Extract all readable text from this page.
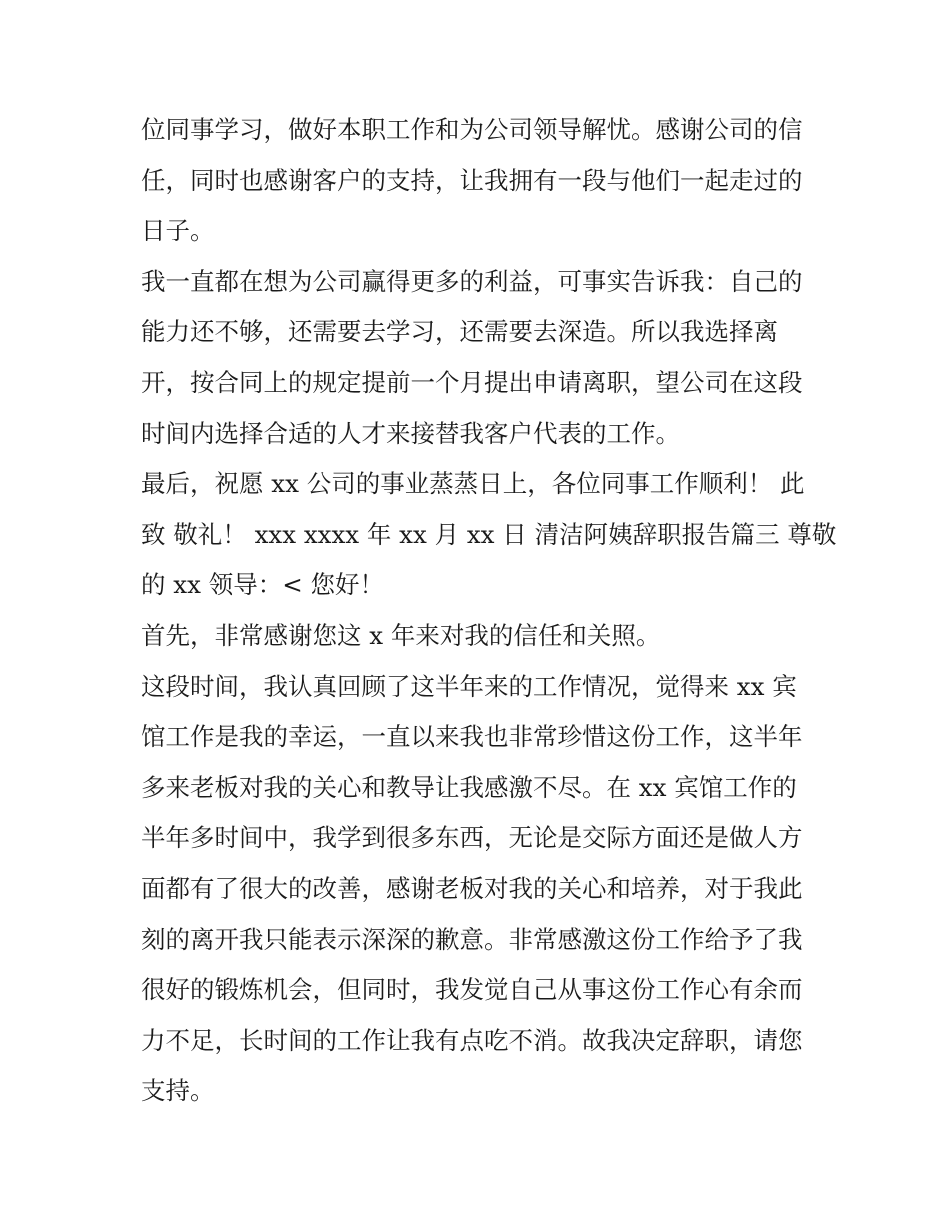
位同事学习，做好本职工作和为公司领导解忧。感谢公司的信
任，同时也感谢客户的支持，让我拥有一段与他们一起走过的
日子。

我一直都在想为公司赢得更多的利益，可事实告诉我：自己的
能力还不够，还需要去学习，还需要去深造。所以我选择离
开，按合同上的规定提前一个月提出申请离职，望公司在这段
时间内选择合适的人才来接替我客户代表的工作。

最后，祝愿 xx 公司的事业蒸蒸日上，各位同事工作顺利！ 此
致 敬礼！ xxx xxxx 年 xx 月 xx 日 清洁阿姨辞职报告篇三 尊敬
的 xx 领导：< 您好！

首先，非常感谢您这 x 年来对我的信任和关照。

这段时间，我认真回顾了这半年来的工作情况，觉得来 xx 宾
馆工作是我的幸运，一直以来我也非常珍惜这份工作，这半年
多来老板对我的关心和教导让我感激不尽。在 xx 宾馆工作的
半年多时间中，我学到很多东西，无论是交际方面还是做人方
面都有了很大的改善，感谢老板对我的关心和培养，对于我此
刻的离开我只能表示深深的歉意。非常感激这份工作给予了我
很好的锻炼机会，但同时，我发觉自己从事这份工作心有余而
力不足，长时间的工作让我有点吃不消。故我决定辞职，请您
支持。
